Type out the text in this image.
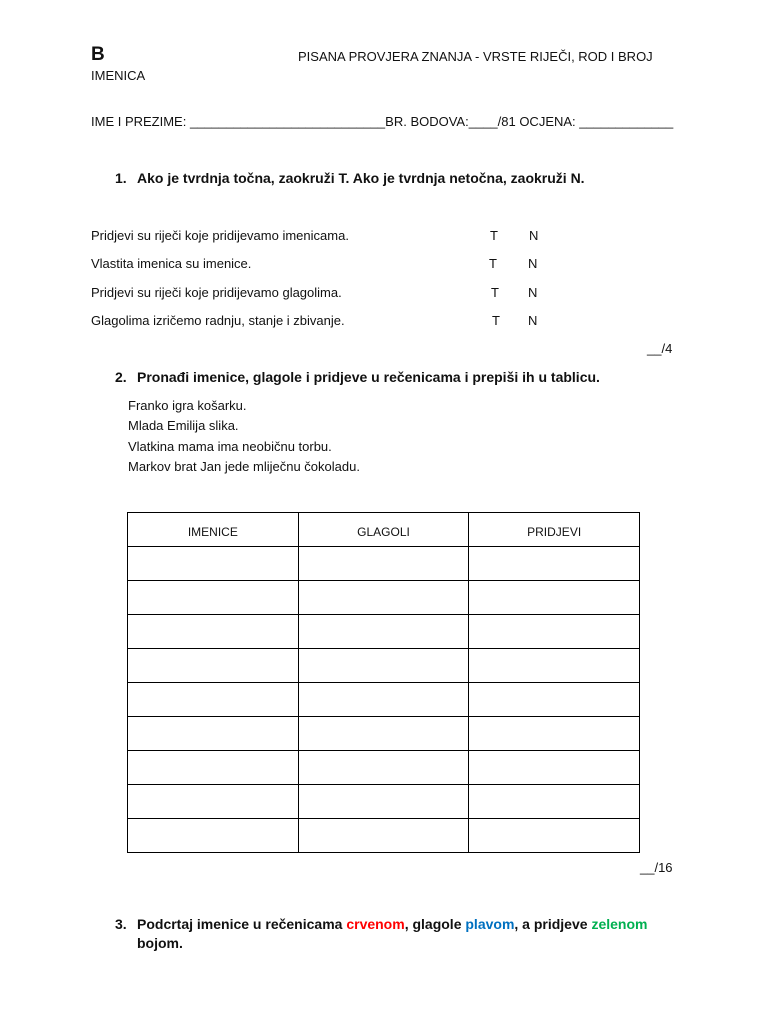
B	PISANA PROVJERA ZNANJA - VRSTE RIJEČI, ROD I BROJ
IMENICA
IME I PREZIME: ___________________________BR. BODOVA:____/81 OCJENA: _____________
1. Ako je tvrdnja točna, zaokruži T. Ako je tvrdnja netočna, zaokruži N.
Pridjevi su riječi koje pridijevamo imenicama.	T N
Vlastita imenica su imenice.	T N
Pridjevi su riječi koje pridijevamo glagolima.	T N
Glagolima izričemo radnju, stanje i zbivanje.	T N
__/4
2. Pronađi imenice, glagole i pridjeve u rečenicama i prepiši ih u tablicu.
Franko igra košarku.
Mlada Emilija slika.
Vlatkina mama ima neobičnu torbu.
Markov brat Jan jede mliječnu čokoladu.
IMENICE	GLAGOLI	PRIDJEVI

__/16
3. Podcrtaj imenice u rečenicama crvenom, glagole plavom, a pridjeve zelenom
bojom.
